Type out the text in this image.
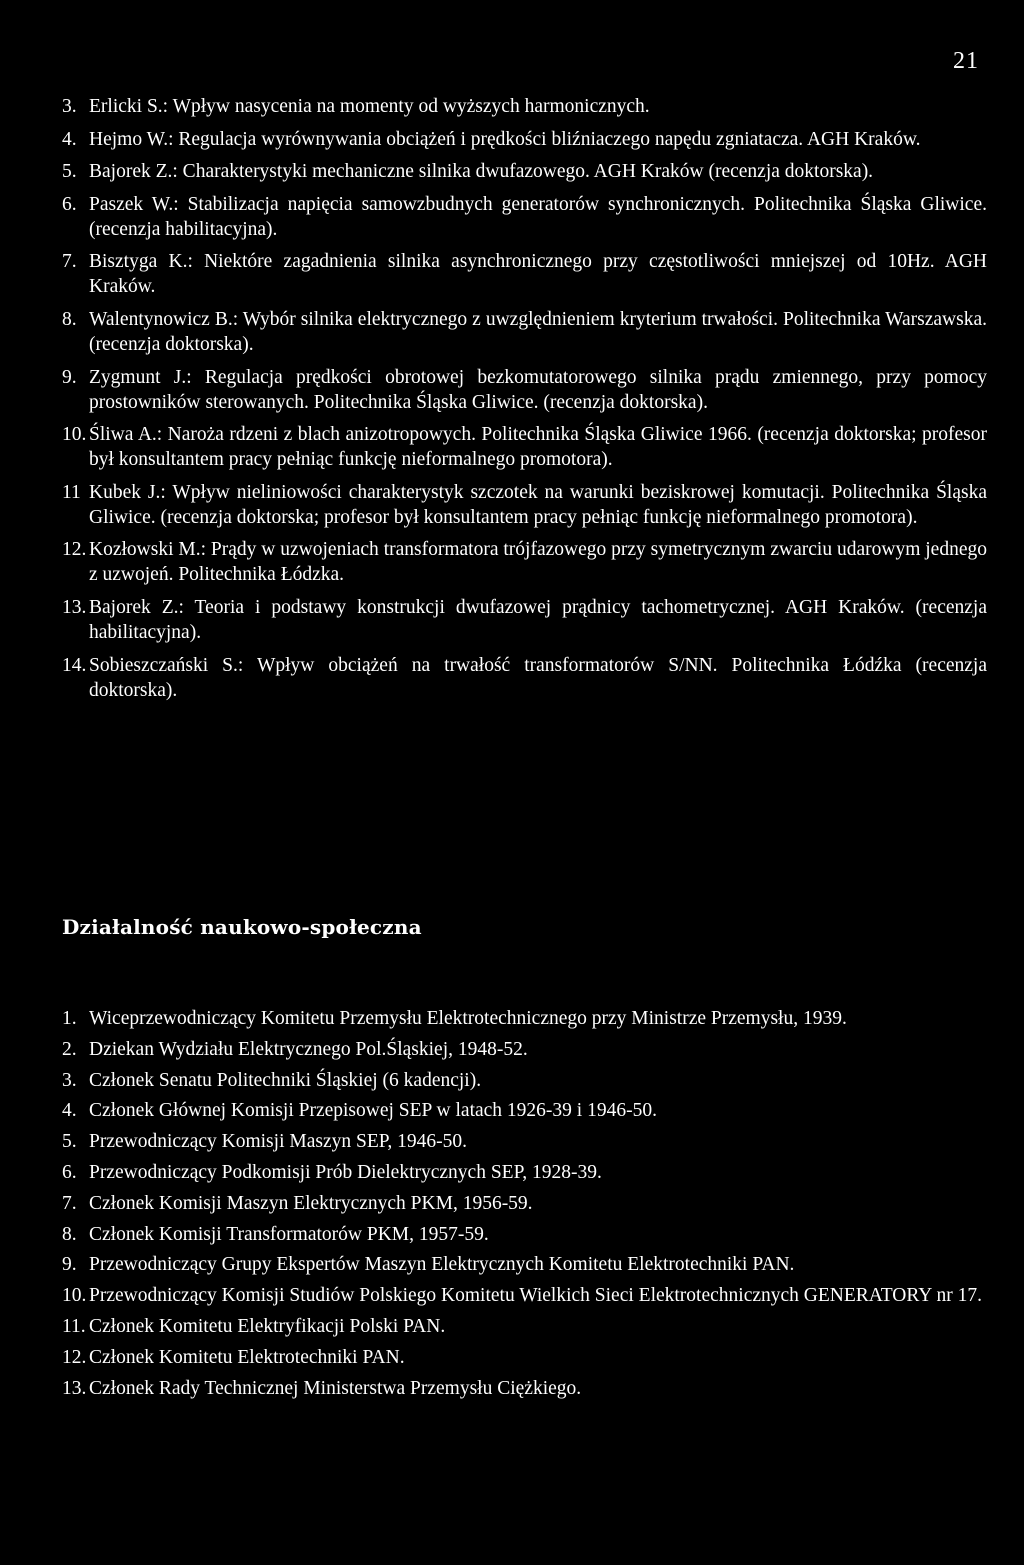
21
3. Erlicki S.: Wpływ nasycenia na momenty od wyższych harmonicznych.
4. Hejmo W.: Regulacja wyrównywania obciążeń i prędkości bliźniaczego napędu zgniatacza. AGH Kraków.
5. Bajorek Z.: Charakterystyki mechaniczne silnika dwufazowego. AGH Kraków (recenzja doktorska).
6. Paszek W.: Stabilizacja napięcia samowzbudnych generatorów synchronicznych. Politechnika Śląska Gliwice. (recenzja habilitacyjna).
7. Bisztyga K.: Niektóre zagadnienia silnika asynchronicznego przy częstotliwości mniejszej od 10Hz. AGH Kraków.
8. Walentynowicz B.: Wybór silnika elektrycznego z uwzględnieniem kryterium trwałości. Politechnika Warszawska. (recenzja doktorska).
9. Zygmunt J.: Regulacja prędkości obrotowej bezkomutatorowego silnika prądu zmiennego, przy pomocy prostowników sterowanych. Politechnika Śląska Gliwice. (recenzja doktorska).
10. Śliwa A.: Naroża rdzeni z blach anizotropowych. Politechnika Śląska Gliwice 1966. (recenzja doktorska; profesor był konsultantem pracy pełniąc funkcję nieformalnego promotora).
11 Kubek J.: Wpływ nieliniowości charakterystyk szczotek na warunki beziskrowej komutacji. Politechnika Śląska Gliwice. (recenzja doktorska; profesor był konsultantem pracy pełniąc funkcję nieformalnego promotora).
12. Kozłowski M.: Prądy w uzwojeniach transformatora trójfazowego przy symetrycznym zwarciu udarowym jednego z uzwojeń. Politechnika Łódzka.
13. Bajorek Z.: Teoria i podstawy konstrukcji dwufazowej prądnicy tachometrycznej. AGH Kraków. (recenzja habilitacyjna).
14. Sobieszczański S.: Wpływ obciążeń na trwałość transformatorów S/NN. Politechnika Łódźka (recenzja doktorska).
Działalność naukowo-społeczna
1. Wiceprzewodniczący Komitetu Przemysłu Elektrotechnicznego przy Ministrze Przemysłu, 1939.
2. Dziekan Wydziału Elektrycznego Pol.Śląskiej, 1948-52.
3. Członek Senatu Politechniki Śląskiej (6 kadencji).
4. Członek Głównej Komisji Przepisowej SEP w latach 1926-39 i 1946-50.
5. Przewodniczący Komisji Maszyn SEP, 1946-50.
6. Przewodniczący Podkomisji Prób Dielektrycznych SEP, 1928-39.
7. Członek Komisji Maszyn Elektrycznych PKM, 1956-59.
8. Członek Komisji Transformatorów PKM, 1957-59.
9. Przewodniczący Grupy Ekspertów Maszyn Elektrycznych Komitetu Elektrotechniki PAN.
10. Przewodniczący Komisji Studiów Polskiego Komitetu Wielkich Sieci Elektrotechnicznych GENERATORY nr 17.
11. Członek Komitetu Elektryfikacji Polski PAN.
12. Członek Komitetu Elektrotechniki PAN.
13. Członek Rady Technicznej Ministerstwa Przemysłu Ciężkiego.
